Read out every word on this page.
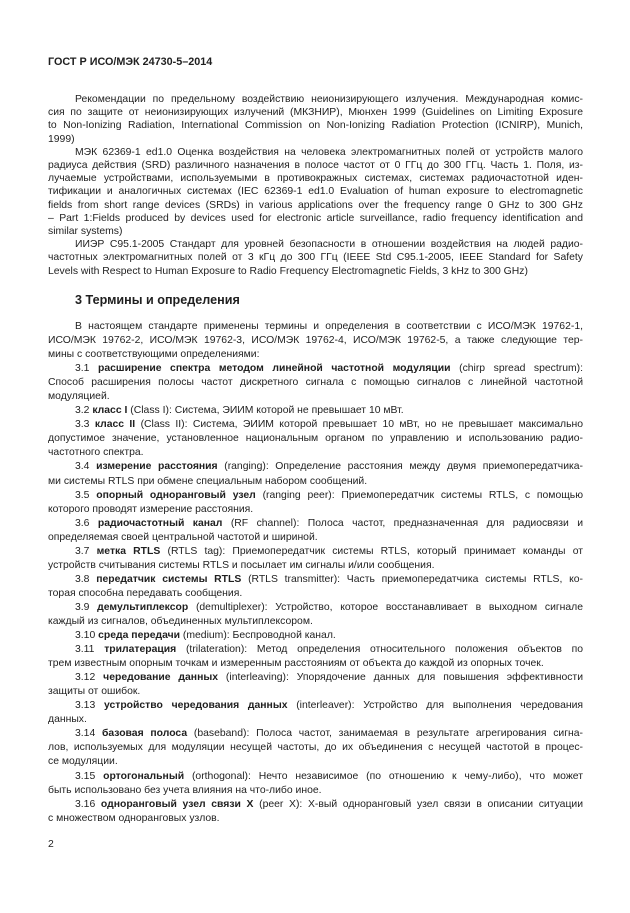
ГОСТ Р ИСО/МЭК 24730-5–2014
Рекомендации по предельному воздействию неионизирующего излучения. Международная комис-
сия по защите от неионизирующих излучений (МКЗНИР), Мюнхен 1999 (Guidelines on Limiting Exposure
to Non-Ionizing Radiation, International Commission on Non-Ionizing Radiation Protection (ICNIRP), Munich,
1999)
МЭК 62369-1 ed1.0 Оценка воздействия на человека электромагнитных полей от устройств малого
радиуса действия (SRD) различного назначения в полосе частот от 0 ГГц до 300 ГГц. Часть 1. Поля, из-
лучаемые устройствами, используемыми в противокражных системах, системах радиочастотной иден-
тификации и аналогичных системах (IEC 62369-1 ed1.0 Evaluation of human exposure to electromagnetic
fields from short range devices (SRDs) in various applications over the frequency range 0 GHz to 300 GHz
– Part 1:Fields produced by devices used for electronic article surveillance, radio frequency identification and
similar systems)
ИИЭР С95.1-2005 Стандарт для уровней безопасности в отношении воздействия на людей радио-
частотных электромагнитных полей от 3 кГц до 300 ГГц (IEEE Std C95.1-2005, IEEE Standard for Safety
Levels with Respect to Human Exposure to Radio Frequency Electromagnetic Fields, 3 kHz to 300 GHz)
3 Термины и определения
В настоящем стандарте применены термины и определения в соответствии с ИСО/МЭК 19762-1,
ИСО/МЭК 19762-2, ИСО/МЭК 19762-3, ИСО/МЭК 19762-4, ИСО/МЭК 19762-5, а также следующие тер-
мины с соответствующими определениями:
3.1 расширение спектра методом линейной частотной модуляции (chirp spread spectrum):
Способ расширения полосы частот дискретного сигнала с помощью сигналов с линейной частотной
модуляцией.
3.2 класс I (Class I): Система, ЭИИМ которой не превышает 10 мВт.
3.3 класс II (Class II): Система, ЭИИМ которой превышает 10 мВт, но не превышает максимально
допустимое значение, установленное национальным органом по управлению и использованию радио-
частотного спектра.
3.4 измерение расстояния (ranging): Определение расстояния между двумя приемопередатчика-
ми системы RTLS при обмене специальным набором сообщений.
3.5 опорный одноранговый узел (ranging peer): Приемопередатчик системы RTLS, с помощью
которого проводят измерение расстояния.
3.6 радиочастотный канал (RF channel): Полоса частот, предназначенная для радиосвязи и
определяемая своей центральной частотой и шириной.
3.7 метка RTLS (RTLS tag): Приемопередатчик системы RTLS, который принимает команды от
устройств считывания системы RTLS и посылает им сигналы и/или сообщения.
3.8 передатчик системы RTLS (RTLS transmitter): Часть приемопередатчика системы RTLS, ко-
торая способна передавать сообщения.
3.9 демультиплексор (demultiplexer): Устройство, которое восстанавливает в выходном сигнале
каждый из сигналов, объединенных мультиплексором.
3.10 среда передачи (medium): Беспроводной канал.
3.11 трилатерация (trilateration): Метод определения относительного положения объектов по
трем известным опорным точкам и измеренным расстояниям от объекта до каждой из опорных точек.
3.12 чередование данных (interleaving): Упорядочение данных для повышения эффективности
защиты от ошибок.
3.13 устройство чередования данных (interleaver): Устройство для выполнения чередования
данных.
3.14 базовая полоса (baseband): Полоса частот, занимаемая в результате агрегирования сигна-
лов, используемых для модуляции несущей частоты, до их объединения с несущей частотой в процес-
се модуляции.
3.15 ортогональный (orthogonal): Нечто независимое (по отношению к чему-либо), что может
быть использовано без учета влияния на что-либо иное.
3.16 одноранговый узел связи X (peer X): X-вый одноранговый узел связи в описании ситуации
с множеством одноранговых узлов.
2
